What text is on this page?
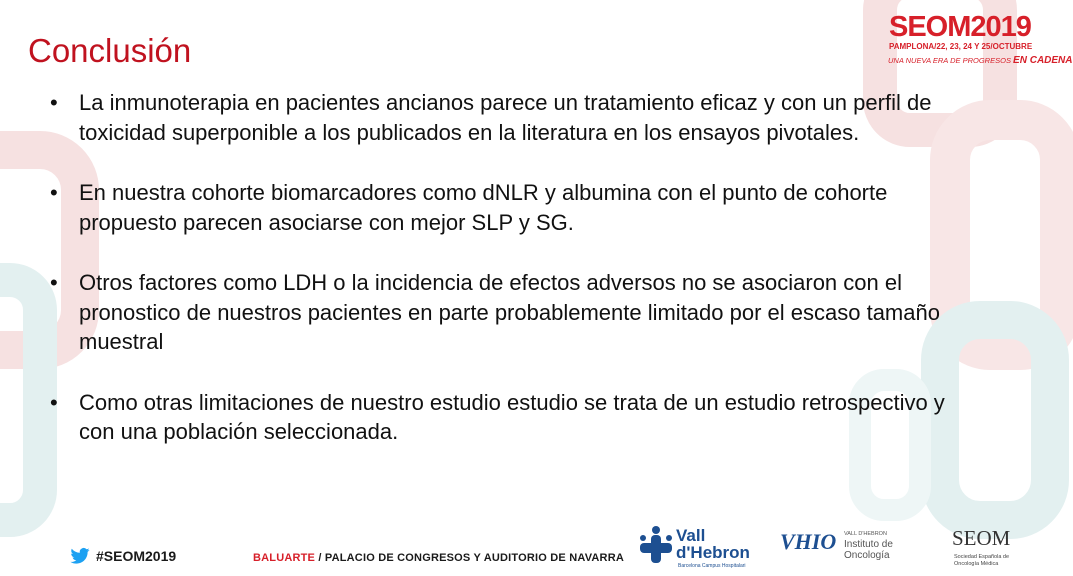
Conclusión
• La inmunoterapia en pacientes ancianos parece un tratamiento eficaz y con un perfil de toxicidad superponible a los publicados en la literatura en los ensayos pivotales.
• En nuestra cohorte biomarcadores como dNLR y albumina con el punto de cohorte propuesto parecen asociarse con mejor SLP y SG.
• Otros factores como LDH o la incidencia de efectos adversos no se asociaron con el pronostico de nuestros pacientes en parte probablemente limitado por el escaso tamaño muestral
• Como otras limitaciones de nuestro estudio estudio se trata de un estudio retrospectivo y con una población seleccionada.
SEOM2019
PAMPLONA/22, 23, 24 Y 25/OCTUBRE
UNA NUEVA ERA DE PROGRESOS EN CADENA
#SEOM2019	BALUARTE / PALACIO DE CONGRESOS Y AUDITORIO DE NAVARRA
Vall
d'Hebron
Barcelona Campus Hospitalari
VHIO VALL D'HEBRON
Instituto de Oncología
SEOM
Sociedad Española de Oncología Médica
